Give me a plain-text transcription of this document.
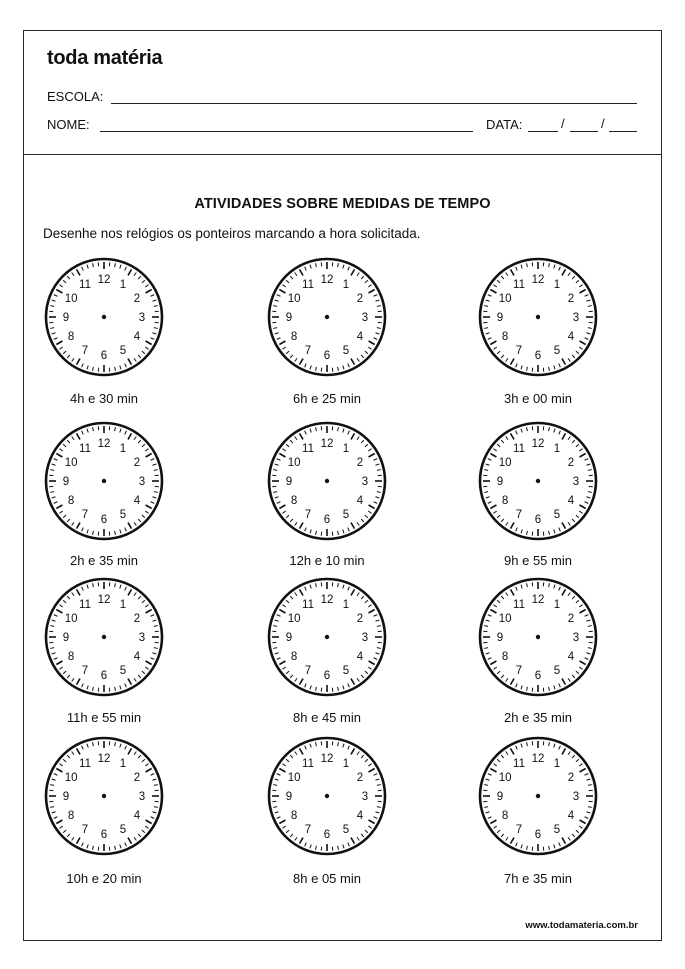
toda matéria
ESCOLA:
NOME:	DATA:	/	/
ATIVIDADES SOBRE MEDIDAS DE TEMPO
Desenhe nos relógios os ponteiros marcando a hora solicitada.
12 1
2
3
4
5
6
7
8
9
10
11
4h e 30 min
12 1
2
3
4
5
6
7
8
9
10
11
6h e 25 min
12 1
2
3
4
5
6
7
8
9
10
11
3h e 00 min
12 1
2
3
4
5
6
7
8
9
10
11
2h e 35 min
12 1
2
3
4
5
6
7
8
9
10
11
12h e 10 min
12 1
2
3
4
5
6
7
8
9
10
11
9h e 55 min
12 1
2
3
4
5
6
7
8
9
10
11
11h e 55 min
12 1
2
3
4
5
6
7
8
9
10
11
8h e 45 min
12 1
2
3
4
5
6
7
8
9
10
11
2h e 35 min
12 1
2
3
4
5
6
7
8
9
10
11
10h e 20 min
12 1
2
3
4
5
6
7
8
9
10
11
8h e 05 min
12 1
2
3
4
5
6
7
8
9
10
11
7h e 35 min
www.todamateria.com.br
